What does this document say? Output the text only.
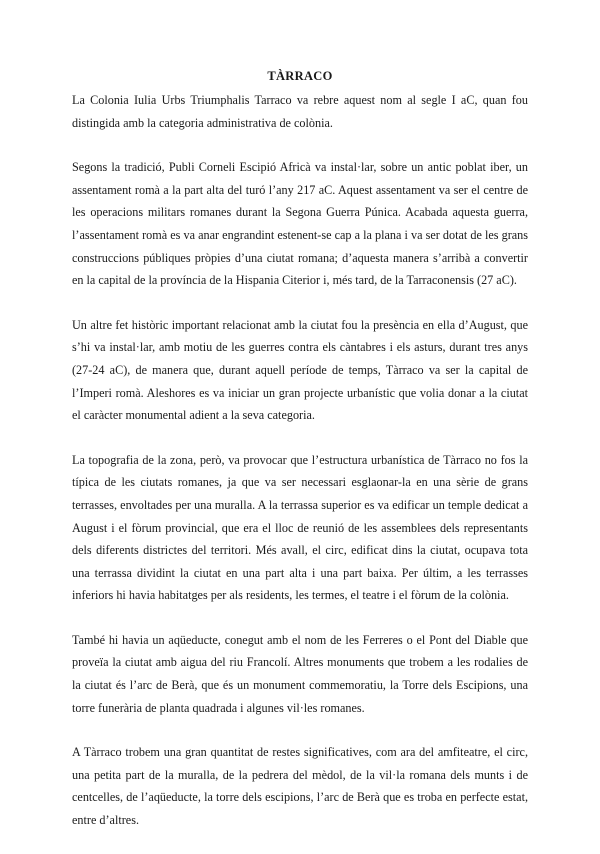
TÀRRACO

La Colonia Iulia Urbs Triumphalis Tarraco va rebre aquest nom al segle I aC, quan fou distingida amb la categoria administrativa de colònia.

Segons la tradició, Publi Corneli Escipió Africà va instal·lar, sobre un antic poblat iber, un assentament romà a la part alta del turó l’any 217 aC. Aquest assentament va ser el centre de les operacions militars romanes durant la Segona Guerra Púnica. Acabada aquesta guerra, l’assentament romà es va anar engrandint estenent-se cap a la plana i va ser dotat de les grans construccions públiques pròpies d’una ciutat romana; d’aquesta manera s’arribà a convertir en la capital de la província de la Hispania Citerior i, més tard, de la Tarraconensis (27 aC).

Un altre fet històric important relacionat amb la ciutat fou la presència en ella d’August, que s’hi va instal·lar, amb motiu de les guerres contra els càntabres i els asturs, durant tres anys (27-24 aC), de manera que, durant aquell període de temps, Tàrraco va ser la capital de l’Imperi romà. Aleshores es va iniciar un gran projecte urbanístic que volia donar a la ciutat el caràcter monumental adient a la seva categoria.

La topografia de la zona, però, va provocar que l’estructura urbanística de Tàrraco no fos la típica de les ciutats romanes, ja que va ser necessari esglaonar-la en una sèrie de grans terrasses, envoltades per una muralla. A la terrassa superior es va edificar un temple dedicat a August i el fòrum provincial, que era el lloc de reunió de les assemblees dels representants dels diferents districtes del territori. Més avall, el circ, edificat dins la ciutat, ocupava tota una terrassa dividint la ciutat en una part alta i una part baixa. Per últim, a les terrasses inferiors hi havia habitatges per als residents, les termes, el teatre i el fòrum de la colònia.

També hi havia un aqüeducte, conegut amb el nom de les Ferreres o el Pont del Diable que proveïa la ciutat amb aigua del riu Francolí. Altres monuments que trobem a les rodalies de la ciutat és l’arc de Berà, que és un monument commemoratiu, la Torre dels Escipions, una torre funerària de planta quadrada i algunes vil·les romanes.

A Tàrraco trobem una gran quantitat de restes significatives, com ara del amfiteatre, el circ, una petita part de la muralla, de la pedrera del mèdol, de la vil·la romana dels munts i de centcelles, de l’aqüeducte, la torre dels escipions, l’arc de Berà que es troba en perfecte estat, entre d’altres.
